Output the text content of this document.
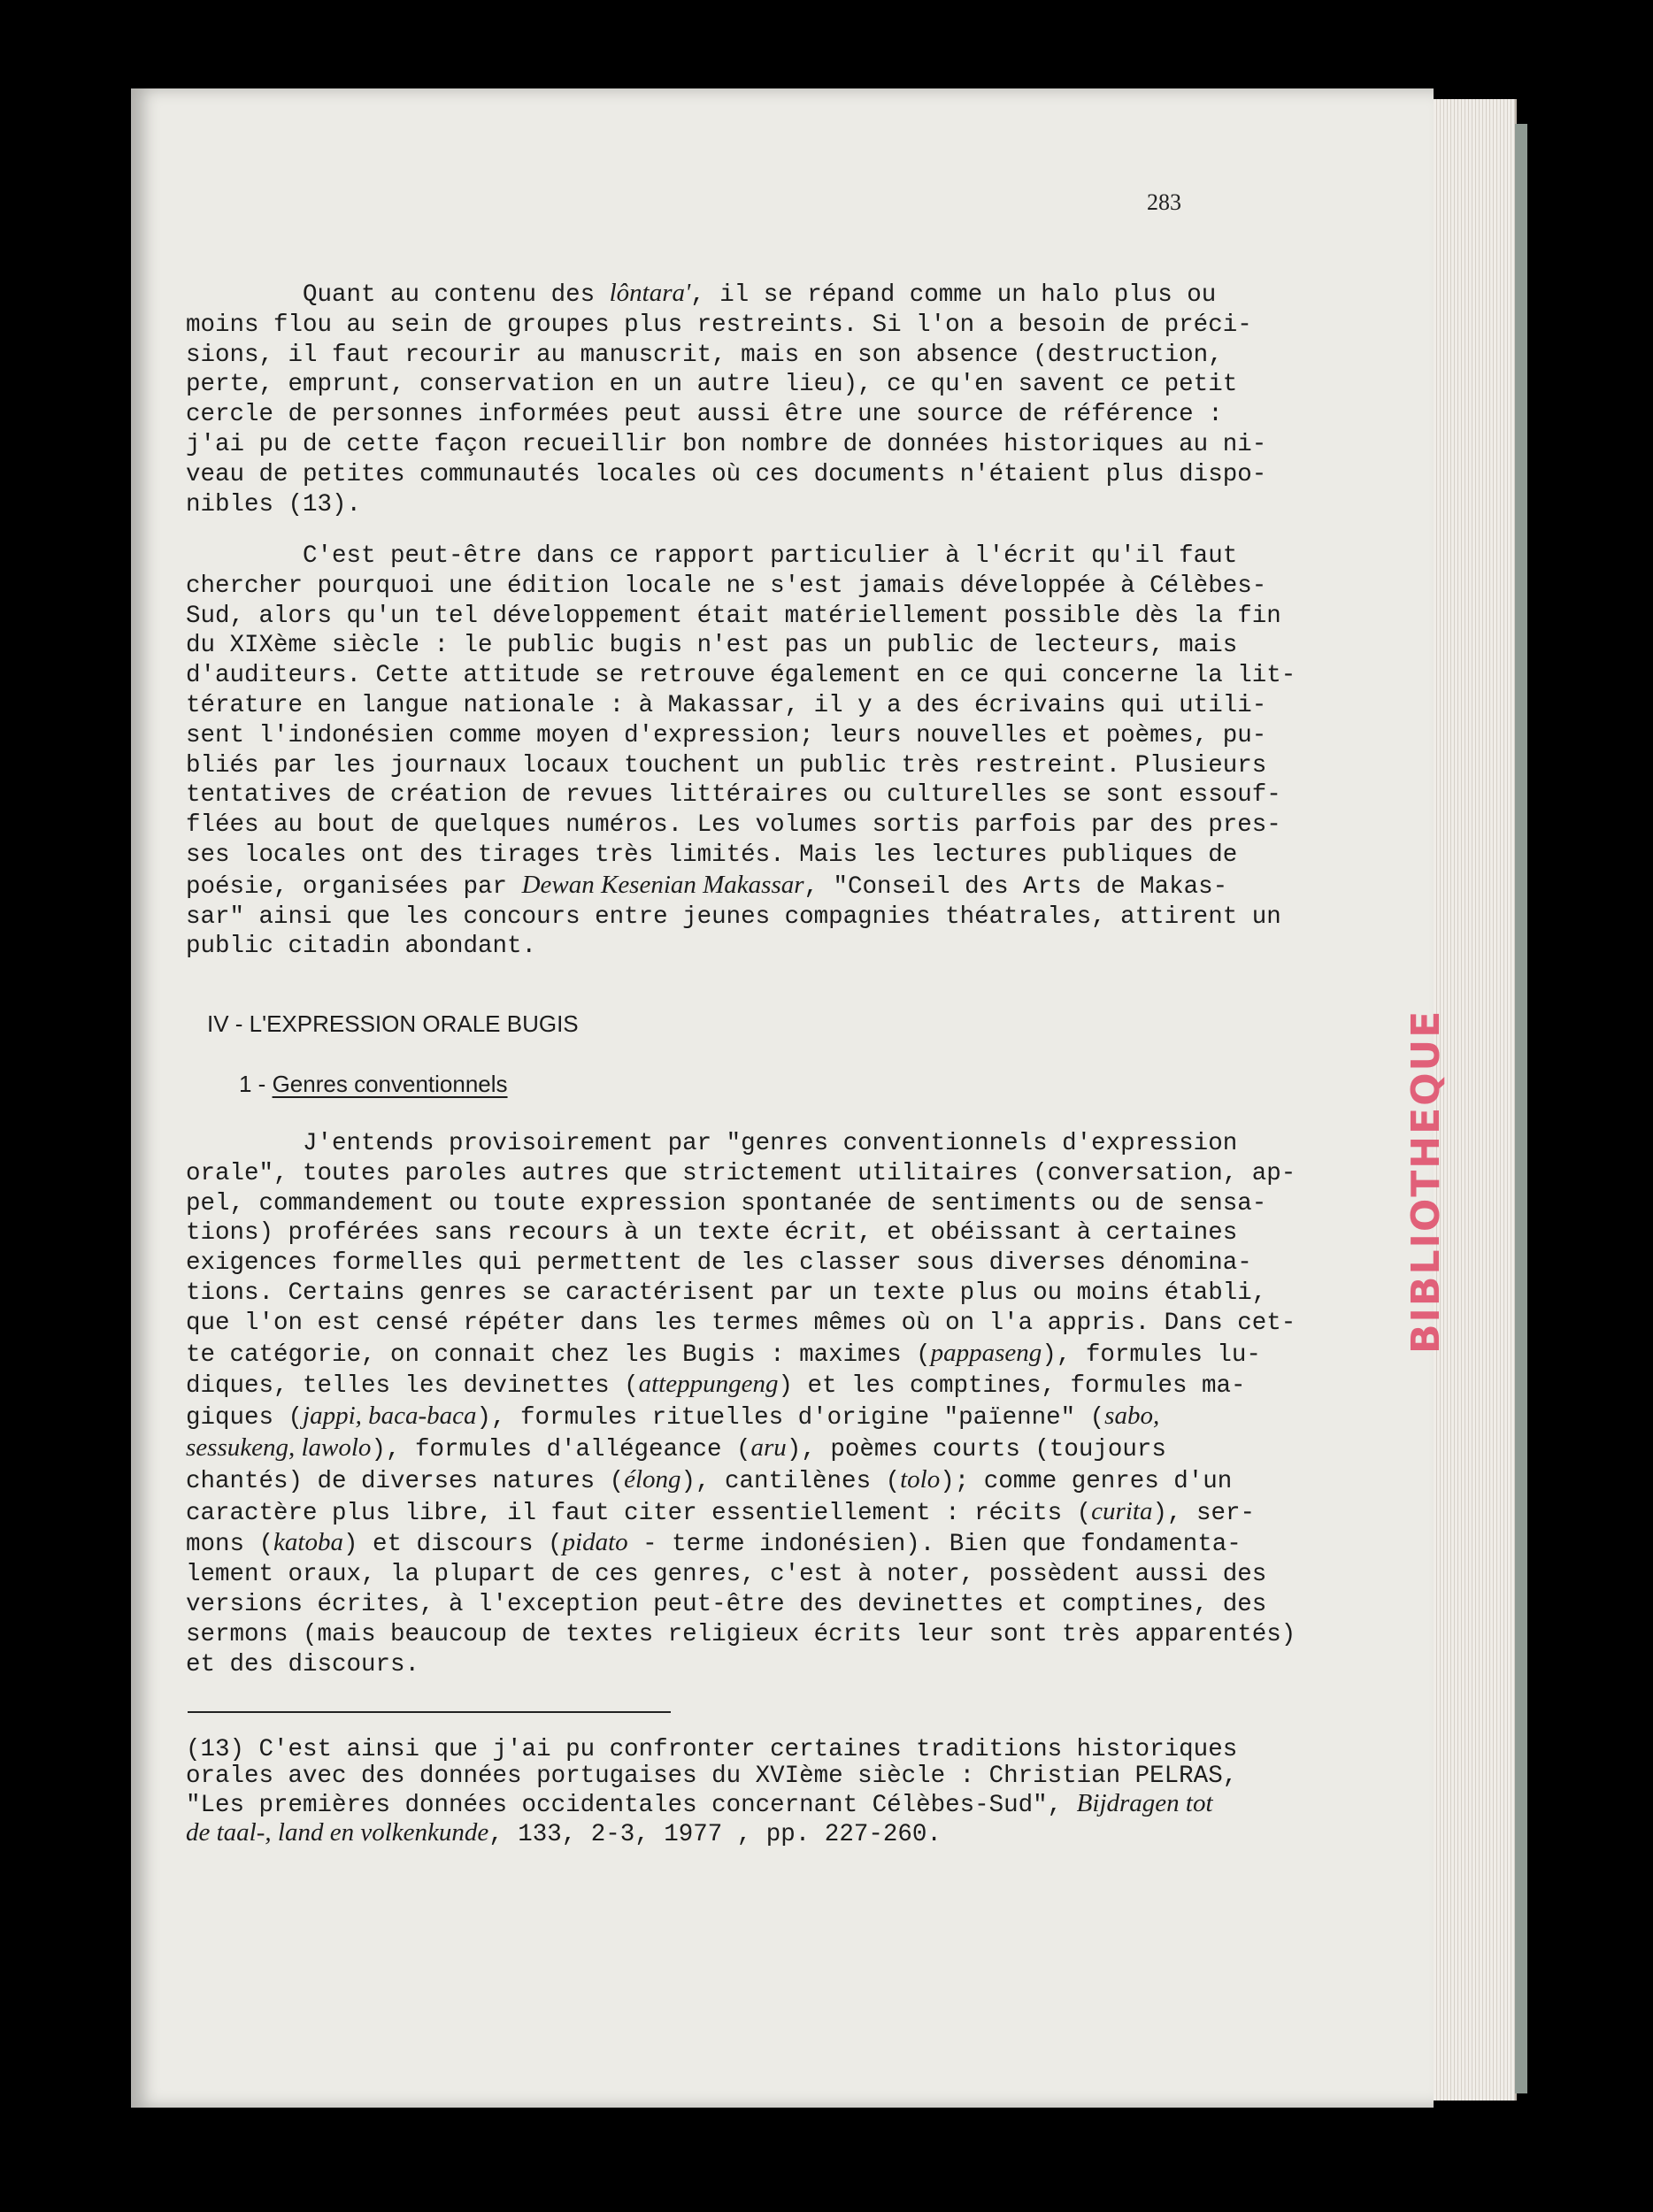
BIBLIOTHEQUE
283
Quant au contenu des lôntara', il se répand comme un halo plus ou
moins flou au sein de groupes plus restreints. Si l'on a besoin de préci-
sions, il faut recourir au manuscrit, mais en son absence (destruction,
perte, emprunt, conservation en un autre lieu), ce qu'en savent ce petit
cercle de personnes informées peut aussi être une source de référence :
j'ai pu de cette façon recueillir bon nombre de données historiques au ni-
veau de petites communautés locales où ces documents n'étaient plus dispo-
nibles (13).
C'est peut-être dans ce rapport particulier à l'écrit qu'il faut
chercher pourquoi une édition locale ne s'est jamais développée à Célèbes-
Sud, alors qu'un tel développement était matériellement possible dès la fin
du XIXème siècle : le public bugis n'est pas un public de lecteurs, mais
d'auditeurs. Cette attitude se retrouve également en ce qui concerne la lit-
térature en langue nationale : à Makassar, il y a des écrivains qui utili-
sent l'indonésien comme moyen d'expression; leurs nouvelles et poèmes, pu-
bliés par les journaux locaux touchent un public très restreint. Plusieurs
tentatives de création de revues littéraires ou culturelles se sont essouf-
flées au bout de quelques numéros. Les volumes sortis parfois par des pres-
ses locales ont des tirages très limités. Mais les lectures publiques de
poésie, organisées par Dewan Kesenian Makassar, "Conseil des Arts de Makas-
sar" ainsi que les concours entre jeunes compagnies théatrales, attirent un
public citadin abondant.
IV - L'EXPRESSION ORALE BUGIS
1 - Genres conventionnels
J'entends provisoirement par "genres conventionnels d'expression
orale", toutes paroles autres que strictement utilitaires (conversation, ap-
pel, commandement ou toute expression spontanée de sentiments ou de sensa-
tions) proférées sans recours à un texte écrit, et obéissant à certaines
exigences formelles qui permettent de les classer sous diverses dénomina-
tions. Certains genres se caractérisent par un texte plus ou moins établi,
que l'on est censé répéter dans les termes mêmes où on l'a appris. Dans cet-
te catégorie, on connait chez les Bugis : maximes (pappaseng), formules lu-
diques, telles les devinettes (atteppungeng) et les comptines, formules ma-
giques (jappi, baca-baca), formules rituelles d'origine "païenne" (sabo,
sessukeng, lawolo), formules d'allégeance (aru), poèmes courts (toujours
chantés) de diverses natures (élong), cantilènes (tolo); comme genres d'un
caractère plus libre, il faut citer essentiellement : récits (curita), ser-
mons (katoba) et discours (pidato - terme indonésien). Bien que fondamenta-
lement oraux, la plupart de ces genres, c'est à noter, possèdent aussi des
versions écrites, à l'exception peut-être des devinettes et comptines, des
sermons (mais beaucoup de textes religieux écrits leur sont très apparentés)
et des discours.
(13) C'est ainsi que j'ai pu confronter certaines traditions historiques
orales avec des données portugaises du XVIème siècle : Christian PELRAS,
"Les premières données occidentales concernant Célèbes-Sud", Bijdragen tot
de taal-, land en volkenkunde, 133, 2-3, 1977 , pp. 227-260.
